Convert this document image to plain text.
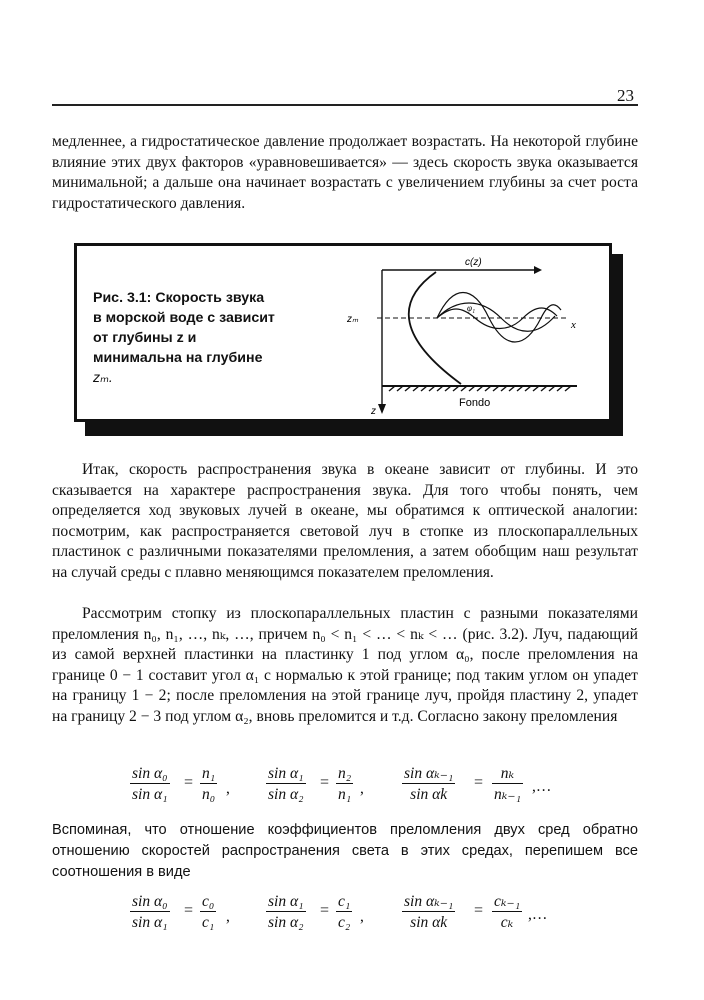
23

медленнее, а гидростатическое давление продолжает возрастать. На некоторой глубине влияние этих двух факторов «уравновешивается» — здесь скорость звука оказывается минимальной; а дальше она начинает возрастать с увеличением глубины за счет роста гидростатического давления.

Рис. 3.1: Скорость звука
в морской воде c зависит
от глубины z и
минимальна на глубине
zₘ.
c(z)
zₘ	x
φ₁
Fondo
z

Итак, скорость распространения звука в океане зависит от глубины. И это сказывается на характере распространения звука. Для того чтобы понять, чем определяется ход звуковых лучей в океане, мы обратимся к оптической аналогии: посмотрим, как распространяется световой луч в стопке из плоскопараллельных пластинок с различными показателями преломления, а затем обобщим наш результат на случай среды с плавно меняющимся показателем преломления.

Рассмотрим стопку из плоскопараллельных пластин с разными показателями преломления n₀, n₁, …, nₖ, …, причем n₀ < n₁ < … < nₖ < … (рис. 3.2). Луч, падающий из самой верхней пластинки на пластинку 1 под углом α₀, после преломления на границе 0 − 1 составит угол α₁ с нормалью к этой границе; под таким углом он упадет на границу 1 − 2; после преломления на этой границе луч, пройдя пластину 2, упадет на границу 2 − 3 под углом α₂, вновь преломится и т.д. Согласно закону преломления

$\frac{\text{sin α₀}}{\text{sin α₁}} = \frac{\text{n₁}}{\text{n₀}}$ , $\frac{\text{sin α₁}}{\text{sin α₂}} = \frac{\text{n₂}}{\text{n₁}}$ , $\frac{\text{sin αₖ₋₁}}{\text{sin αk}} = \frac{\text{nₖ}}{\text{nₖ₋₁}}$ ,…

Вспоминая, что отношение коэффициентов преломления двух сред обратно отношению скоростей распространения света в этих средах, перепишем все соотношения в виде

$\frac{\text{sin α₀}}{\text{sin α₁}} = \frac{\text{c₀}}{\text{c₁}}$ , $\frac{\text{sin α₁}}{\text{sin α₂}} = \frac{\text{c₁}}{\text{c₂}}$ , $\frac{\text{sin αₖ₋₁}}{\text{sin αk}} = \frac{\text{cₖ₋₁}}{\text{cₖ}}$ ,…
